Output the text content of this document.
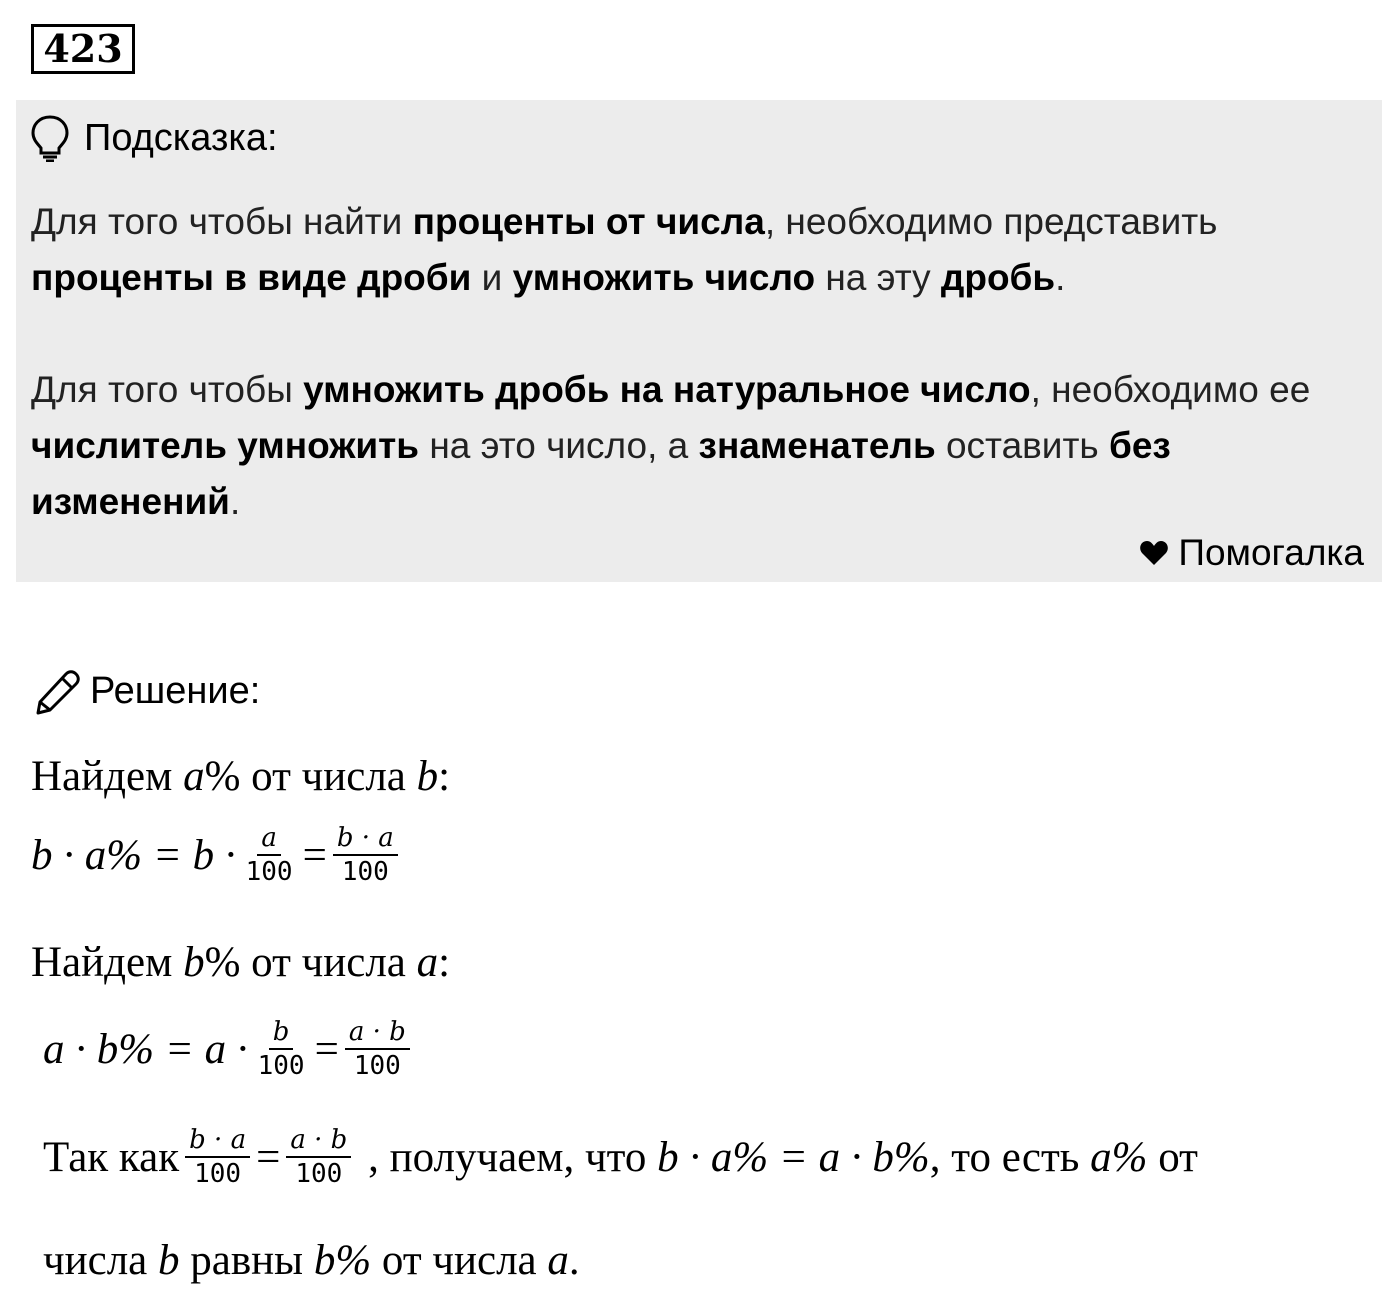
423
Подсказка:
Для того чтобы найти проценты от числа, необходимо представить проценты в виде дроби и умножить число на эту дробь.
Для того чтобы умножить дробь на натуральное число, необходимо ее числитель умножить на это число, а знаменатель оставить без изменений.
Помогалка
Решение:
Найдем a% от числа b:
$b \cdot a\% = b \cdot \frac{a}{100} = \frac{b \cdot a}{100}$
Найдем b% от числа a:
$a \cdot b\% = a \cdot \frac{b}{100} = \frac{a \cdot b}{100}$
Так как $\frac{b \cdot a}{100} = \frac{a \cdot b}{100}$ , получаем, что b · a% = a · b% , то есть a% от
числа b равны b% от числа a.
